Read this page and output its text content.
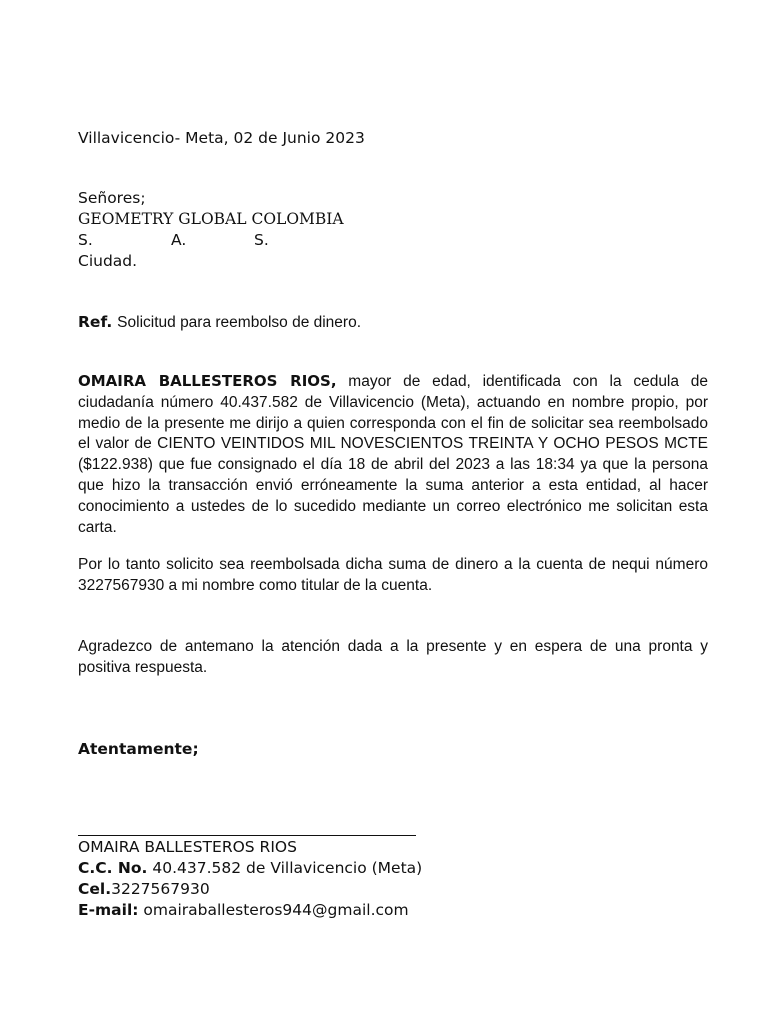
Villavicencio- Meta, 02 de Junio 2023
Señores;
GEOMETRY GLOBAL COLOMBIA
S.	A.	S.
Ciudad.
Ref. Solicitud para reembolso de dinero.
OMAIRA BALLESTEROS RIOS, mayor de edad, identificada con la cedula de ciudadanía número 40.437.582 de Villavicencio (Meta), actuando en nombre propio, por medio de la presente me dirijo a quien corresponda con el fin de solicitar sea reembolsado el valor de CIENTO VEINTIDOS MIL NOVESCIENTOS TREINTA Y OCHO PESOS MCTE ($122.938) que fue consignado el día 18 de abril del 2023 a las 18:34 ya que la persona que hizo la transacción envió erróneamente la suma anterior a esta entidad, al hacer conocimiento a ustedes de lo sucedido mediante un correo electrónico me solicitan esta carta.
Por lo tanto solicito sea reembolsada dicha suma de dinero a la cuenta de nequi número 3227567930 a mi nombre como titular de la cuenta.
Agradezco de antemano la atención dada a la presente y en espera de una pronta y positiva respuesta.
Atentamente;
OMAIRA BALLESTEROS RIOS
C.C. No. 40.437.582 de Villavicencio (Meta)
Cel.3227567930
E-mail: omairaballesteros944@gmail.com
